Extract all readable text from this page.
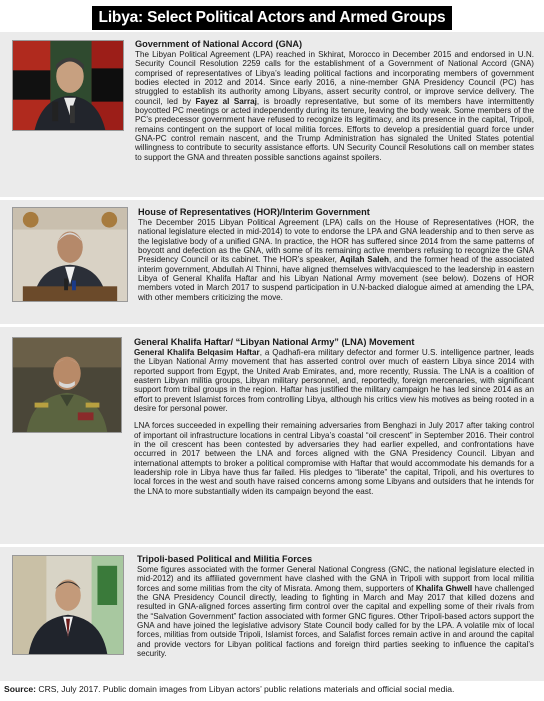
Libya: Select Political Actors and Armed Groups
Government of National Accord (GNA)

The Libyan Political Agreement (LPA) reached in Skhirat, Morocco in December 2015 and endorsed in U.N. Security Council Resolution 2259 calls for the establishment of a Government of National Accord (GNA) comprised of representatives of Libya’s leading political factions and incorporating members of government bodies elected in 2012 and 2014. Since early 2016, a nine-member GNA Presidency Council (PC) has struggled to establish its authority among Libyans, assert security control, or improve service delivery. The council, led by Fayez al Sarraj, is broadly representative, but some of its members have intermittently boycotted PC meetings or acted independently during its tenure, leaving the body weak. Some members of the PC’s predecessor government have refused to recognize its legitimacy, and its presence in the capital, Tripoli, remains contingent on the support of local militia forces. Efforts to develop a presidential guard force under GNA-PC control remain nascent, and the Trump Administration has signaled the United States potential willingness to contribute to security assistance efforts. UN Security Council Resolutions call on member states to support the GNA and threaten possible sanctions against spoilers.

House of Representatives (HOR)/Interim Government

The December 2015 Libyan Political Agreement (LPA) calls on the House of Representatives (HOR, the national legislature elected in mid-2014) to vote to endorse the LPA and GNA leadership and to then serve as the legislative body of a unified GNA. In practice, the HOR has suffered since 2014 from the same patterns of boycott and defection as the GNA, with some of its remaining active members refusing to recognize the GNA Presidency Council or its cabinet. The HOR’s speaker, Aqilah Saleh, and the former head of the associated interim government, Abdullah Al Thinni, have aligned themselves with/acquiesced to the leadership in eastern Libya of General Khalifa Haftar and his Libyan National Army movement (see below). Dozens of HOR members voted in March 2017 to suspend participation in U.N-backed dialogue aimed at amending the LPA, with other members criticizing the move.

General Khalifa Haftar/ “Libyan National Army” (LNA) Movement

General Khalifa Belqasim Haftar, a Qadhafi-era military defector and former U.S. intelligence partner, leads the Libyan National Army movement that has asserted control over much of eastern Libya since 2014 with reported support from Egypt, the United Arab Emirates, and, more recently, Russia. The LNA is a coalition of eastern Libyan militia groups, Libyan military personnel, and, reportedly, foreign mercenaries, with significant support from tribal groups in the region. Haftar has justified the military campaign he has led since 2014 as an effort to prevent Islamist forces from controlling Libya, although his critics view his motives as being rooted in a desire for personal power.

LNA forces succeeded in expelling their remaining adversaries from Benghazi in July 2017 after taking control of important oil infrastructure locations in central Libya’s coastal “oil crescent” in September 2016. Their control in the oil crescent has been contested by adversaries they had earlier expelled, and confrontations have occurred in 2017 between the LNA and forces aligned with the GNA Presidency Council. Libyan and international attempts to broker a political compromise with Haftar that would accommodate his demands for a leadership role in Libya have thus far failed. His pledges to “liberate” the capital, Tripoli, and his overtures to local forces in the west and south have raised concerns among some Libyans and outsiders that he intends for the LNA to more substantially widen its campaign beyond the east.

Tripoli-based Political and Militia Forces

Some figures associated with the former General National Congress (GNC, the national legislature elected in mid-2012) and its affiliated government have clashed with the GNA in Tripoli with support from local militia forces and some militias from the city of Misrata. Among them, supporters of Khalifa Ghwell have challenged the GNA Presidency Council directly, leading to fighting in March and May 2017 that killed dozens and resulted in GNA-aligned forces asserting firm control over the capital and expelling some of their rivals from the “Salvation Government” faction associated with former GNC figures. Other Tripoli-based actors support the GNA and have joined the legislative advisory State Council body called for by the LPA. A volatile mix of local forces, militias from outside Tripoli, Islamist forces, and Salafist forces remain active in and around the capital and provide vectors for Libyan political factions and foreign third parties seeking to influence the capital’s security.

Source: CRS, July 2017. Public domain images from Libyan actors’ public relations materials and official social media.
